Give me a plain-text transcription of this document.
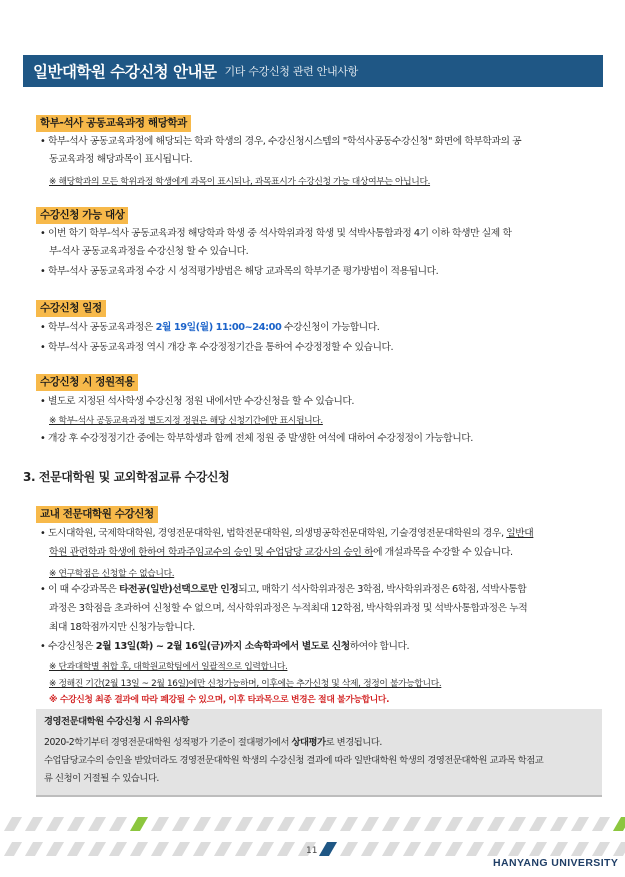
일반대학원 수강신청 안내문 기타 수강신청 관련 안내사항
학부-석사 공동교육과정 해당학과
• 학부-석사 공동교육과정에 해당되는 학과 학생의 경우, 수강신청시스템의 "학석사공동수강신청" 화면에 학부학과의 공
동교육과정 해당과목이 표시됩니다.
※ 해당학과의 모든 학위과정 학생에게 과목이 표시되나, 과목표시가 수강신청 가능 대상여부는 아닙니다.
수강신청 가능 대상
• 이번 학기 학부-석사 공동교육과정 해당학과 학생 중 석사학위과정 학생 및 석박사통합과정 4기 이하 학생만 실제 학
부-석사 공동교육과정을 수강신청 할 수 있습니다.
• 학부-석사 공동교육과정 수강 시 성적평가방법은 해당 교과목의 학부기준 평가방법이 적용됩니다.
수강신청 일정
• 학부-석사 공동교육과정은 2월 19일(월) 11:00~24:00 수강신청이 가능합니다.
• 학부-석사 공동교육과정 역시 개강 후 수강정정기간을 통하여 수강정정할 수 있습니다.
수강신청 시 정원적용
• 별도로 지정된 석사학생 수강신청 정원 내에서만 수강신청을 할 수 있습니다.
※ 학부-석사 공동교육과정 별도지정 정원은 해당 신청기간에만 표시됩니다.
• 개강 후 수강정정기간 중에는 학부학생과 함께 전체 정원 중 발생한 여석에 대하여 수강정정이 가능합니다.
3. 전문대학원 및 교외학점교류 수강신청
교내 전문대학원 수강신청
• 도시대학원, 국제학대학원, 경영전문대학원, 법학전문대학원, 의생명공학전문대학원, 기술경영전문대학원의 경우, 일반대
학원 관련학과 학생에 한하여 학과주임교수의 승인 및 수업담당 교강사의 승인 하에 개설과목을 수강할 수 있습니다.
※ 연구학점은 신청할 수 없습니다.
• 이 때 수강과목은 타전공(일반)선택으로만 인정되고, 매학기 석사학위과정은 3학점, 박사학위과정은 6학점, 석박사통합
과정은 3학점을 초과하여 신청할 수 없으며, 석사학위과정은 누적최대 12학점, 박사학위과정 및 석박사통합과정은 누적
최대 18학점까지만 신청가능합니다.
• 수강신청은 2월 13일(화) ~ 2월 16일(금)까지 소속학과에서 별도로 신청하여야 합니다.
※ 단과대학별 취합 후, 대학원교학팀에서 일괄적으로 입력합니다.
※ 정해진 기간(2월 13일 ~ 2월 16일)에만 신청가능하며, 이후에는 추가신청 및 삭제, 정정이 불가능합니다.
※ 수강신청 최종 결과에 따라 폐강될 수 있으며, 이후 타과목으로 변경은 절대 불가능합니다.
경영전문대학원 수강신청 시 유의사항
2020-2학기부터 경영전문대학원 성적평가 기준이 절대평가에서 상대평가로 변경됩니다.
수업담당교수의 승인을 받았더라도 경영전문대학원 학생의 수강신청 결과에 따라 일반대학원 학생의 경영전문대학원 교과목 학점교
류 신청이 거절될 수 있습니다.
11
HANYANG UNIVERSITY
